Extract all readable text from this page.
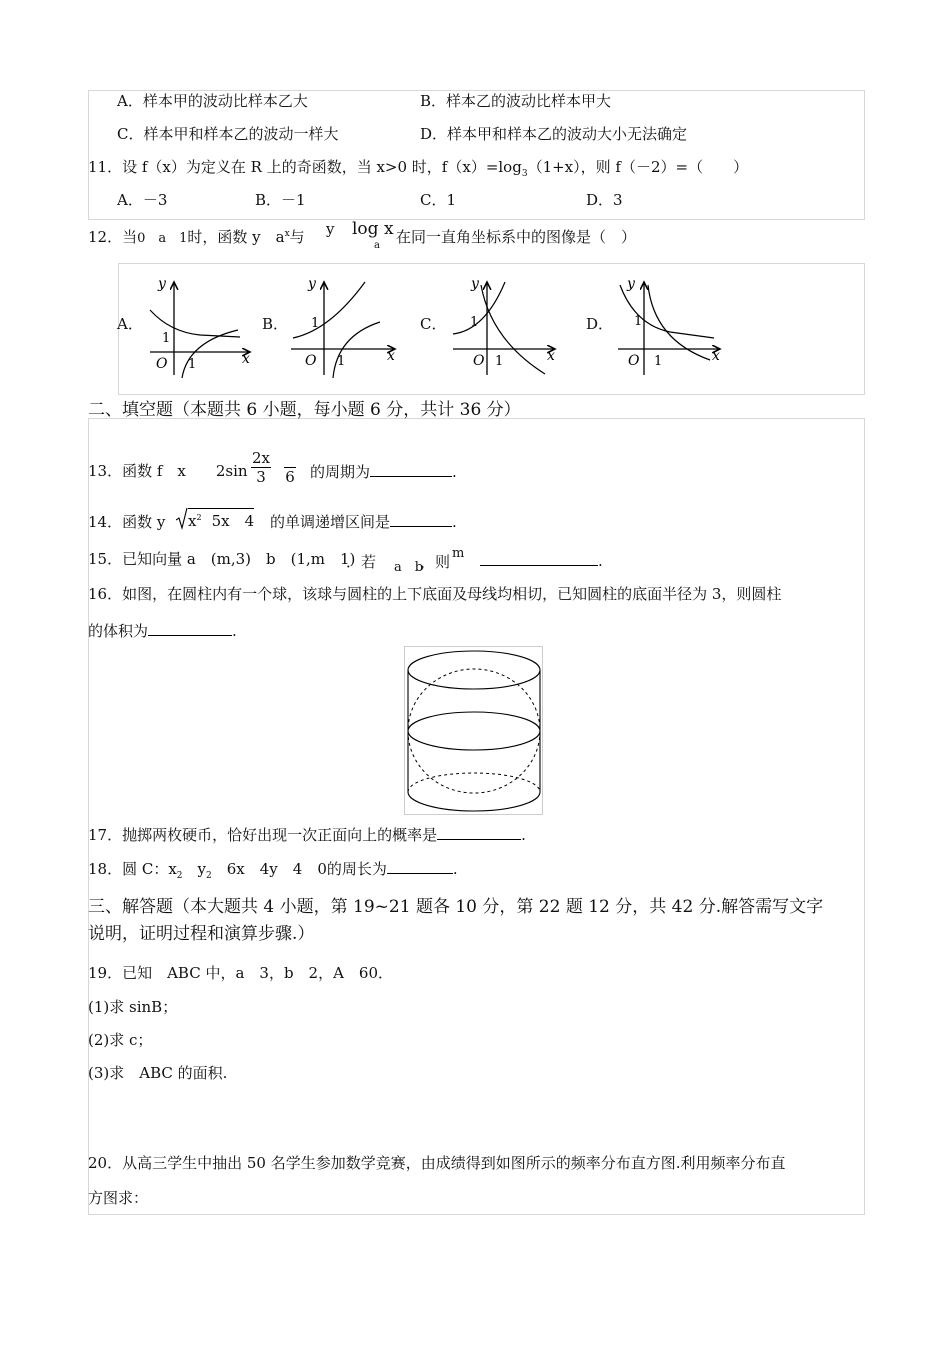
A．样本甲的波动比样本乙大	B．样本乙的波动比样本甲大
C．样本甲和样本乙的波动一样大	D．样本甲和样本乙的波动大小无法确定
11．设 f（x）为定义在 R 上的奇函数，当 x>0 时，$f(x)=\log_3(1+x)$，则 f（－2）=（　　）
A．－3	B．－1	C．1	D．3
12．当0　a　1时，函数 y　$a^x$与 y log x
a 在同一直角坐标系中的图像是（　）
A．	B．	C．	D．
y
x
O 1
1
y
x
O 1
1
y
x
O 1
1
y
x
O 1
1
二、填空题（本题共 6 小题，每小题 6 分，共计 36 分）
13．函数 f　x　　$2\sin \frac{2x}{3} 6$ 的周期为	.
14．函数 y $x^2$ 5x　4 的单调递增区间是	.
15．已知向量 a　(m,3) b　(1,m　1)
．若 a　b
，则 m	.
16．如图，在圆柱内有一个球，该球与圆柱的上下底面及母线均相切，已知圆柱的底面半径为 3，则圆柱
的体积为	.
17．抛掷两枚硬币，恰好出现一次正面向上的概率是	.
18．圆 C：$x_2$　$y_2$　6x　4y　4　0的周长为	.
三、解答题（本大题共 4 小题，第 19~21 题各 10 分，第 22 题 12 分，共 42 分.解答需写文字
说明，证明过程和演算步骤.）
19．已知　ABC 中，a　3，b　2，A　60．
(1)求 sinB；
(2)求 c；
(3)求　ABC 的面积.
20．从高三学生中抽出 50 名学生参加数学竞赛，由成绩得到如图所示的频率分布直方图.利用频率分布直
方图求：
